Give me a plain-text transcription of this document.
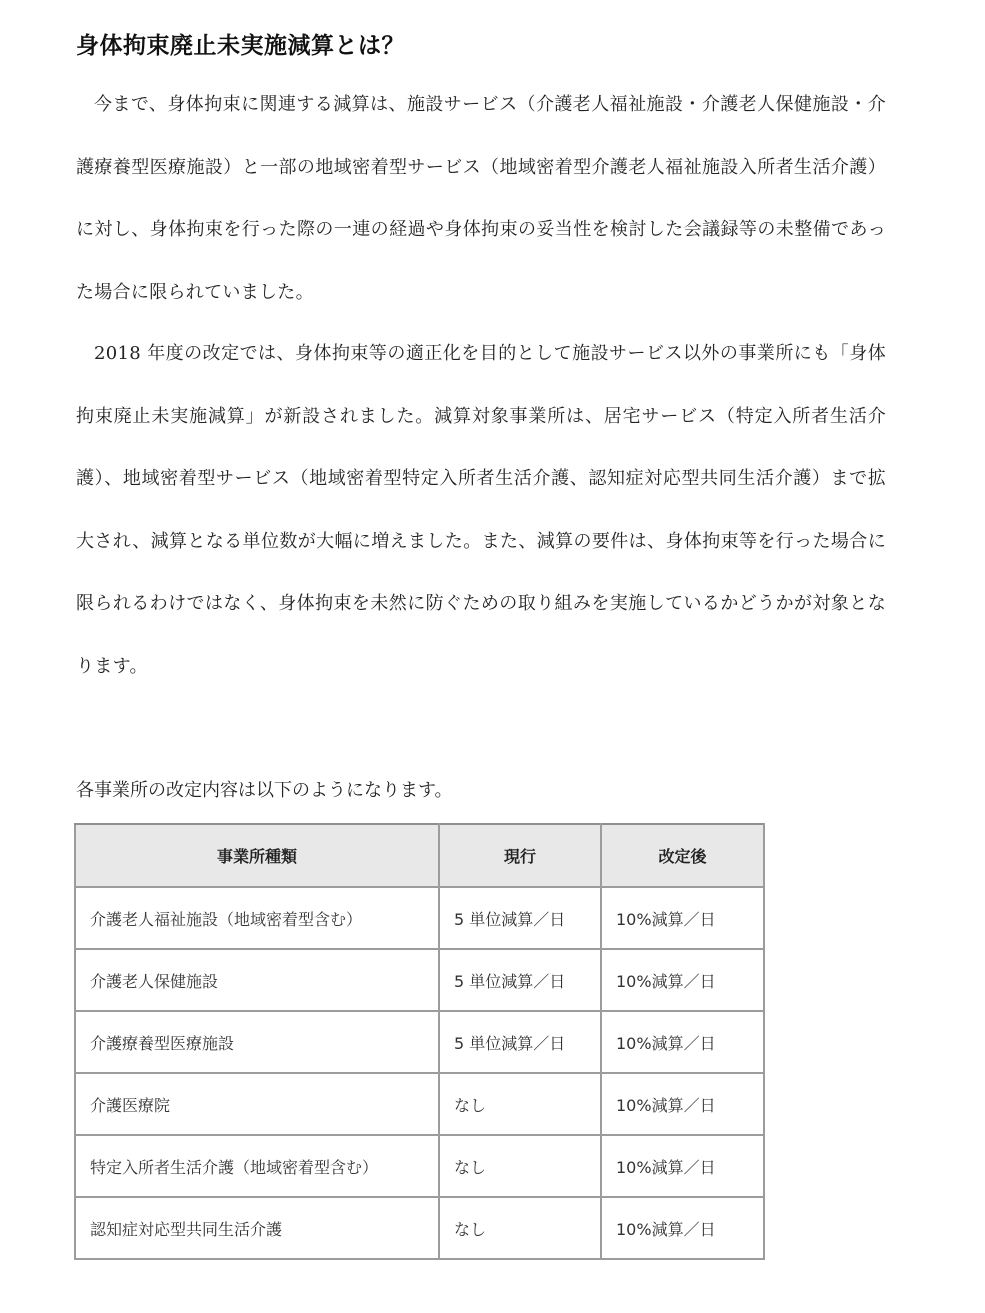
身体拘束廃止未実施減算とは？

今まで、身体拘束に関連する減算は、施設サービス（介護老人福祉施設・介護老人保健施設・介護療養型医療施設）と一部の地域密着型サービス（地域密着型介護老人福祉施設入所者生活介護）に対し、身体拘束を行った際の一連の経過や身体拘束の妥当性を検討した会議録等の未整備であった場合に限られていました。

2018 年度の改定では、身体拘束等の適正化を目的として施設サービス以外の事業所にも「身体拘束廃止未実施減算」が新設されました。減算対象事業所は、居宅サービス（特定入所者生活介護）、地域密着型サービス（地域密着型特定入所者生活介護、認知症対応型共同生活介護）まで拡大され、減算となる単位数が大幅に増えました。また、減算の要件は、身体拘束等を行った場合に限られるわけではなく、身体拘束を未然に防ぐための取り組みを実施しているかどうかが対象となります。

各事業所の改定内容は以下のようになります。

事業所種類	現行	改定後
介護老人福祉施設（地域密着型含む）	5 単位減算／日	10%減算／日
介護老人保健施設	5 単位減算／日	10%減算／日
介護療養型医療施設	5 単位減算／日	10%減算／日
介護医療院	なし	10%減算／日
特定入所者生活介護（地域密着型含む）	なし	10%減算／日
認知症対応型共同生活介護	なし	10%減算／日
